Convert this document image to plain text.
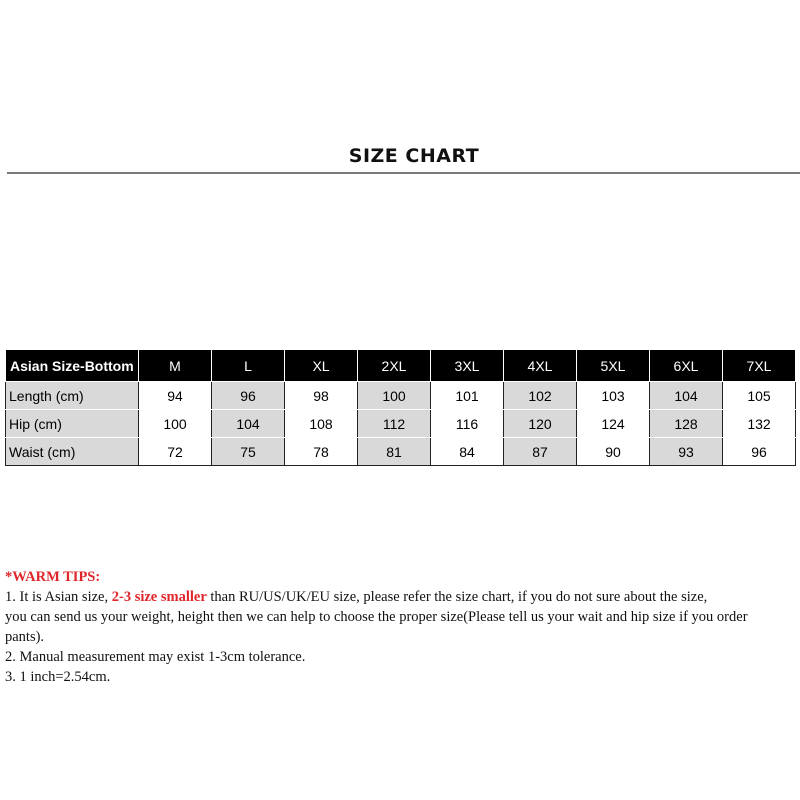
SIZE CHART
Asian Size-Bottom	M	L	XL	2XL	3XL	4XL	5XL	6XL	7XL
Length (cm)	94	96	98	100	101	102	103	104	105
Hip (cm)	100	104	108	112	116	120	124	128	132
Waist (cm)	72	75	78	81	84	87	90	93	96
*WARM TIPS:
1. It is Asian size, 2-3 size smaller than RU/US/UK/EU size, please refer the size chart, if you do not sure about the size,
you can send us your weight, height then we can help to choose the proper size(Please tell us your wait and hip size if you order
pants).
2. Manual measurement may exist 1-3cm tolerance.
3. 1 inch=2.54cm.
